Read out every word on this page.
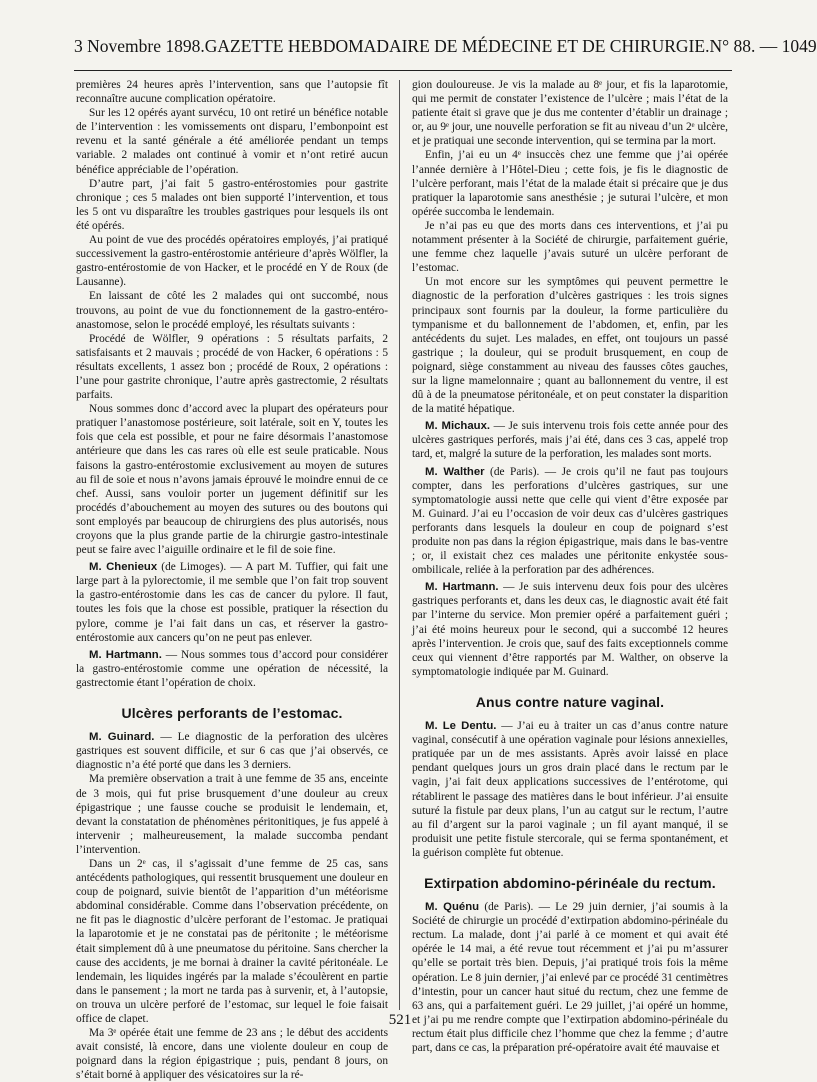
3 Novembre 1898. GAZETTE HEBDOMADAIRE DE MÉDECINE ET DE CHIRURGIE. N° 88. — 1049

premières 24 heures après l’intervention, sans que l’autopsie fît reconnaître aucune complication opératoire.

Sur les 12 opérés ayant survécu, 10 ont retiré un bénéfice notable de l’intervention : les vomissements ont disparu, l’embonpoint est revenu et la santé générale a été améliorée pendant un temps variable. 2 malades ont continué à vomir et n’ont retiré aucun bénéfice appréciable de l’opération.

D’autre part, j’ai fait 5 gastro-entérostomies pour gastrite chronique ; ces 5 malades ont bien supporté l’intervention, et tous les 5 ont vu disparaître les troubles gastriques pour lesquels ils ont été opérés.

Au point de vue des procédés opératoires employés, j’ai pratiqué successivement la gastro-entérostomie antérieure d’après Wölfler, la gastro-entérostomie de von Hacker, et le procédé en Y de Roux (de Lausanne).

En laissant de côté les 2 malades qui ont succombé, nous trouvons, au point de vue du fonctionnement de la gastro-entéro-anastomose, selon le procédé employé, les résultats suivants :

Procédé de Wölfler, 9 opérations : 5 résultats parfaits, 2 satisfaisants et 2 mauvais ; procédé de von Hacker, 6 opérations : 5 résultats excellents, 1 assez bon ; procédé de Roux, 2 opérations : l’une pour gastrite chronique, l’autre après gastrectomie, 2 résultats parfaits.

Nous sommes donc d’accord avec la plupart des opérateurs pour pratiquer l’anastomose postérieure, soit latérale, soit en Y, toutes les fois que cela est possible, et pour ne faire désormais l’anastomose antérieure que dans les cas rares où elle est seule praticable. Nous faisons la gastro-entérostomie exclusivement au moyen de sutures au fil de soie et nous n’avons jamais éprouvé le moindre ennui de ce chef. Aussi, sans vouloir porter un jugement définitif sur les procédés d’abouchement au moyen des sutures ou des boutons qui sont employés par beaucoup de chirurgiens des plus autorisés, nous croyons que la plus grande partie de la chirurgie gastro-intestinale peut se faire avec l’aiguille ordinaire et le fil de soie fine.

M. Chenieux (de Limoges). — A part M. Tuffier, qui fait une large part à la pylorectomie, il me semble que l’on fait trop souvent la gastro-entérostomie dans les cas de cancer du pylore. Il faut, toutes les fois que la chose est possible, pratiquer la résection du pylore, comme je l’ai fait dans un cas, et réserver la gastro-entérostomie aux cancers qu’on ne peut pas enlever.

M. Hartmann. — Nous sommes tous d’accord pour considérer la gastro-entérostomie comme une opération de nécessité, la gastrectomie étant l’opération de choix.

Ulcères perforants de l’estomac.

M. Guinard. — Le diagnostic de la perforation des ulcères gastriques est souvent difficile, et sur 6 cas que j’ai observés, ce diagnostic n’a été porté que dans les 3 derniers.

Ma première observation a trait à une femme de 35 ans, enceinte de 3 mois, qui fut prise brusquement d’une douleur au creux épigastrique ; une fausse couche se produisit le lendemain, et, devant la constatation de phénomènes péritonitiques, je fus appelé à intervenir ; malheureusement, la malade succomba pendant l’intervention.

Dans un 2ᵉ cas, il s’agissait d’une femme de 25 cas, sans antécédents pathologiques, qui ressentit brusquement une douleur en coup de poignard, suivie bientôt de l’apparition d’un météorisme abdominal considérable. Comme dans l’observation précédente, on ne fit pas le diagnostic d’ulcère perforant de l’estomac. Je pratiquai la laparotomie et je ne constatai pas de péritonite ; le météorisme était simplement dû à une pneumatose du péritoine. Sans chercher la cause des accidents, je me bornai à drainer la cavité péritonéale. Le lendemain, les liquides ingérés par la malade s’écoulèrent en partie dans le pansement ; la mort ne tarda pas à survenir, et, à l’autopsie, on trouva un ulcère perforé de l’estomac, sur lequel le foie faisait office de clapet.

Ma 3ᵉ opérée était une femme de 23 ans ; le début des accidents avait consisté, là encore, dans une violente douleur en coup de poignard dans la région épigastrique ; puis, pendant 8 jours, on s’était borné à appliquer des vésicatoires sur la ré-

gion douloureuse. Je vis la malade au 8ᵉ jour, et fis la laparotomie, qui me permit de constater l’existence de l’ulcère ; mais l’état de la patiente était si grave que je dus me contenter d’établir un drainage ; or, au 9ᵉ jour, une nouvelle perforation se fit au niveau d’un 2ᵉ ulcère, et je pratiquai une seconde intervention, qui se termina par la mort.

Enfin, j’ai eu un 4ᵉ insuccès chez une femme que j’ai opérée l’année dernière à l’Hôtel-Dieu ; cette fois, je fis le diagnostic de l’ulcère perforant, mais l’état de la malade était si précaire que je dus pratiquer la laparotomie sans anesthésie ; je suturai l’ulcère, et mon opérée succomba le lendemain.

Je n’ai pas eu que des morts dans ces interventions, et j’ai pu notamment présenter à la Société de chirurgie, parfaitement guérie, une femme chez laquelle j’avais suturé un ulcère perforant de l’estomac.

Un mot encore sur les symptômes qui peuvent permettre le diagnostic de la perforation d’ulcères gastriques : les trois signes principaux sont fournis par la douleur, la forme particulière du tympanisme et du ballonnement de l’abdomen, et, enfin, par les antécédents du sujet. Les malades, en effet, ont toujours un passé gastrique ; la douleur, qui se produit brusquement, en coup de poignard, siège constamment au niveau des fausses côtes gauches, sur la ligne mamelonnaire ; quant au ballonnement du ventre, il est dû à de la pneumatose péritonéale, et on peut constater la disparition de la matité hépatique.

M. Michaux. — Je suis intervenu trois fois cette année pour des ulcères gastriques perforés, mais j’ai été, dans ces 3 cas, appelé trop tard, et, malgré la suture de la perforation, les malades sont morts.

M. Walther (de Paris). — Je crois qu’il ne faut pas toujours compter, dans les perforations d’ulcères gastriques, sur une symptomatologie aussi nette que celle qui vient d’être exposée par M. Guinard. J’ai eu l’occasion de voir deux cas d’ulcères gastriques perforants dans lesquels la douleur en coup de poignard s’est produite non pas dans la région épigastrique, mais dans le bas-ventre ; or, il existait chez ces malades une péritonite enkystée sous-ombilicale, reliée à la perforation par des adhérences.

M. Hartmann. — Je suis intervenu deux fois pour des ulcères gastriques perforants et, dans les deux cas, le diagnostic avait été fait par l’interne du service. Mon premier opéré a parfaitement guéri ; j’ai été moins heureux pour le second, qui a succombé 12 heures après l’intervention. Je crois que, sauf des faits exceptionnels comme ceux qui viennent d’être rapportés par M. Walther, on observe la symptomatologie indiquée par M. Guinard.

Anus contre nature vaginal.

M. Le Dentu. — J’ai eu à traiter un cas d’anus contre nature vaginal, consécutif à une opération vaginale pour lésions annexielles, pratiquée par un de mes assistants. Après avoir laissé en place pendant quelques jours un gros drain placé dans le rectum par le vagin, j’ai fait deux applications successives de l’entérotome, qui rétablirent le passage des matières dans le bout inférieur. J’ai ensuite suturé la fistule par deux plans, l’un au catgut sur le rectum, l’autre au fil d’argent sur la paroi vaginale ; un fil ayant manqué, il se produisit une petite fistule stercorale, qui se ferma spontanément, et la guérison complète fut obtenue.

Extirpation abdomino-périnéale du rectum.

M. Quénu (de Paris). — Le 29 juin dernier, j’ai soumis à la Société de chirurgie un procédé d’extirpation abdomino-périnéale du rectum. La malade, dont j’ai parlé à ce moment et qui avait été opérée le 14 mai, a été revue tout récemment et j’ai pu m’assurer qu’elle se portait très bien. Depuis, j’ai pratiqué trois fois la même opération. Le 8 juin dernier, j’ai enlevé par ce procédé 31 centimètres d’intestin, pour un cancer haut situé du rectum, chez une femme de 63 ans, qui a parfaitement guéri. Le 29 juillet, j’ai opéré un homme, et j’ai pu me rendre compte que l’extirpation abdomino-périnéale du rectum était plus difficile chez l’homme que chez la femme ; d’autre part, dans ce cas, la préparation pré-opératoire avait été mauvaise et

521
